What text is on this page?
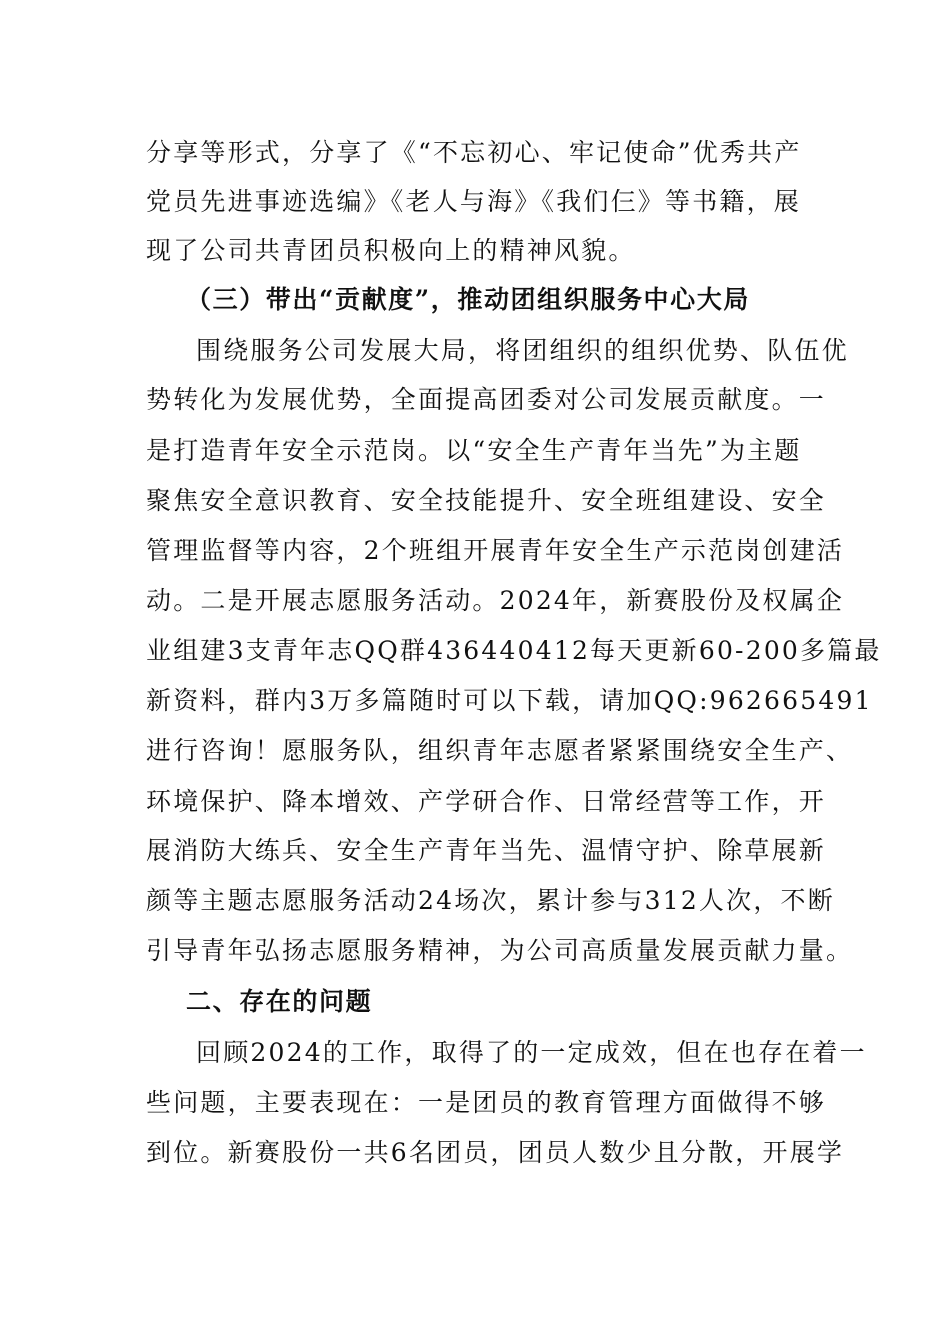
分享等形式，分享了《“不忘初心、牢记使命”优秀共产
党员先进事迹选编》《老人与海》《我们仨》等书籍，展
现了公司共青团员积极向上的精神风貌。
（三）带出“贡献度”，推动团组织服务中心大局
围绕服务公司发展大局，将团组织的组织优势、队伍优
势转化为发展优势，全面提高团委对公司发展贡献度。一
是打造青年安全示范岗。以“安全生产青年当先”为主题
聚焦安全意识教育、安全技能提升、安全班组建设、安全
管理监督等内容，2个班组开展青年安全生产示范岗创建活
动。二是开展志愿服务活动。2024年，新赛股份及权属企
业组建3支青年志QQ群436440412每天更新60-200多篇最
新资料，群内3万多篇随时可以下载，请加QQ:962665491
进行咨询！愿服务队，组织青年志愿者紧紧围绕安全生产、
环境保护、降本增效、产学研合作、日常经营等工作，开
展消防大练兵、安全生产青年当先、温情守护、除草展新
颜等主题志愿服务活动24场次，累计参与312人次，不断
引导青年弘扬志愿服务精神，为公司高质量发展贡献力量。
二、存在的问题
回顾2024的工作，取得了的一定成效，但在也存在着一
些问题，主要表现在：一是团员的教育管理方面做得不够
到位。新赛股份一共6名团员，团员人数少且分散，开展学
